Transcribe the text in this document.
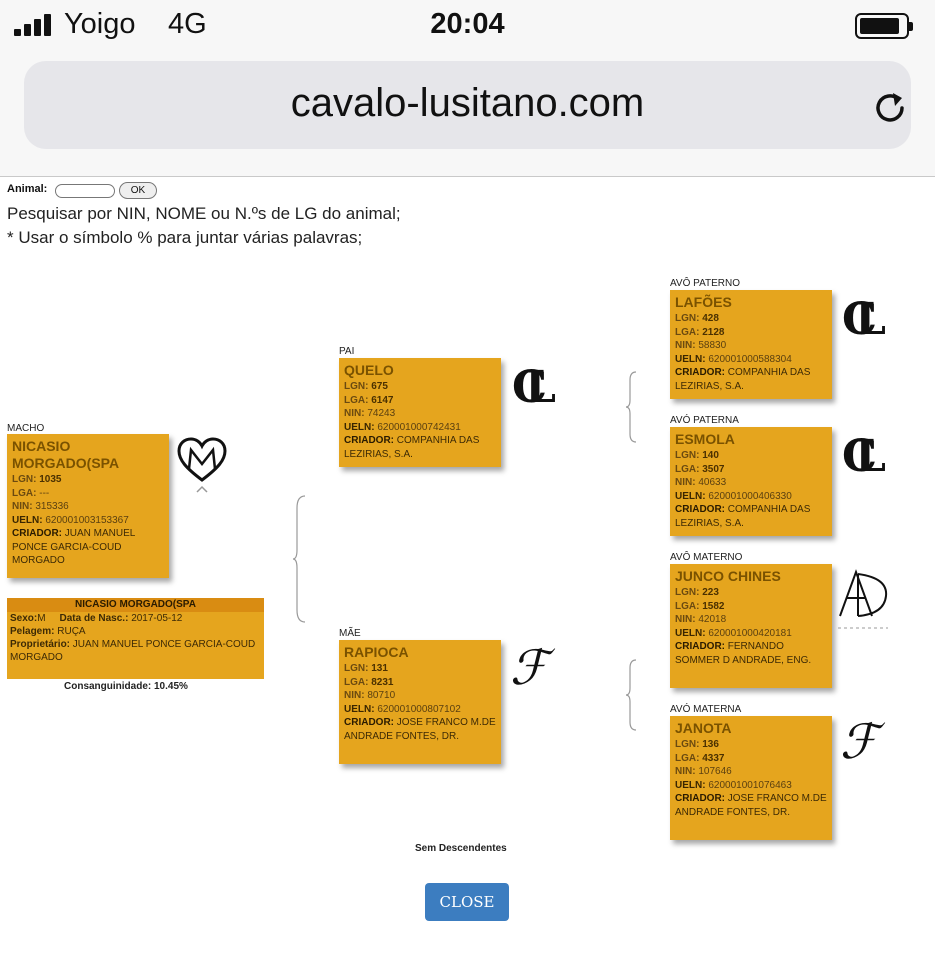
Yoigo 4G	20:04
cavalo-lusitano.com
Animal:	OK
Pesquisar por NIN, NOME ou N.ºs de LG do animal;
* Usar o símbolo % para juntar várias palavras;
MACHO
NICASIO MORGADO(SPA
LGN: 1035
LGA: ---
NIN: 315336
UELN: 620001003153367
CRIADOR: JUAN MANUEL PONCE GARCIA-COUD MORGADO
NICASIO MORGADO(SPA
Sexo:M Data de Nasc.: 2017-05-12
Pelagem: RUÇA
Proprietário: JUAN MANUEL PONCE GARCIA-COUD MORGADO
Consanguinidade: 10.45%
PAI
QUELO
LGN: 675
LGA: 6147
NIN: 74243
UELN: 620001000742431
CRIADOR: COMPANHIA DAS LEZIRIAS, S.A.
CL
MÃE
RAPIOCA
LGN: 131
LGA: 8231
NIN: 80710
UELN: 620001000807102
CRIADOR: JOSE FRANCO M.DE ANDRADE FONTES, DR.
ℱ
AVÔ PATERNO
LAFÕES
LGN: 428
LGA: 2128
NIN: 58830
UELN: 620001000588304
CRIADOR: COMPANHIA DAS LEZIRIAS, S.A.
CL
AVÓ PATERNA
ESMOLA
LGN: 140
LGA: 3507
NIN: 40633
UELN: 620001000406330
CRIADOR: COMPANHIA DAS LEZIRIAS, S.A.
CL
AVÔ MATERNO
JUNCO CHINES
LGN: 223
LGA: 1582
NIN: 42018
UELN: 620001000420181
CRIADOR: FERNANDO SOMMER D ANDRADE, ENG.
AVÓ MATERNA
JANOTA
LGN: 136
LGA: 4337
NIN: 107646
UELN: 620001001076463
CRIADOR: JOSE FRANCO M.DE ANDRADE FONTES, DR.
ℱ
Sem Descendentes
CLOSE
